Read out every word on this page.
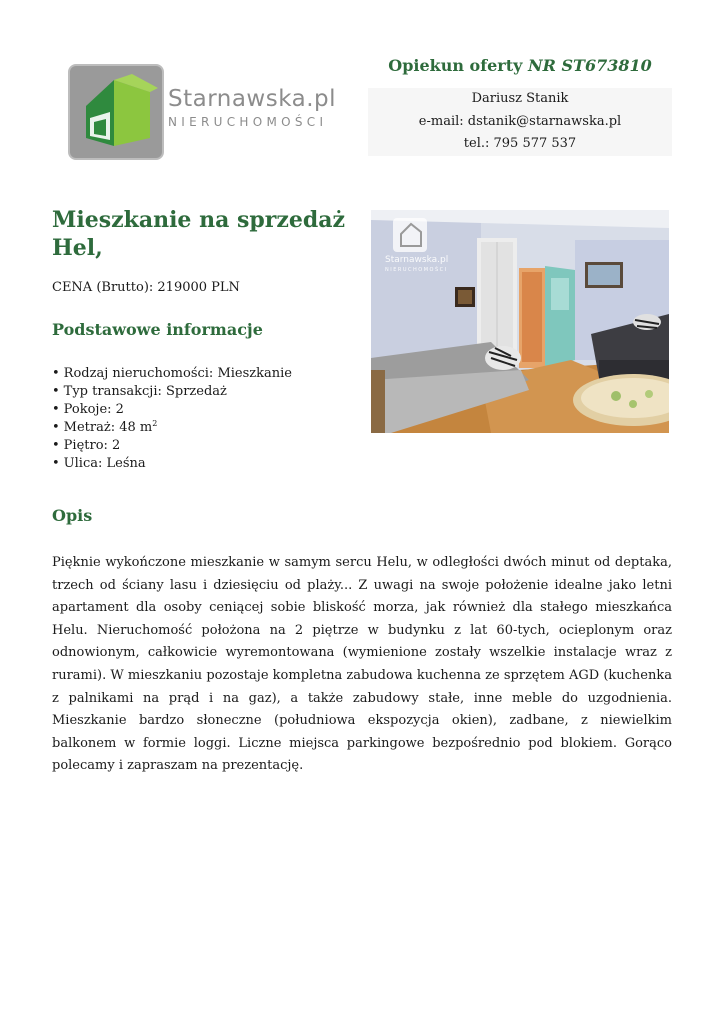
Starnawska.pl
NIERUCHOMOŚCI
Opiekun oferty NR ST673810
Dariusz Stanik
e-mail: dstanik@starnawska.pl
tel.: 795 577 537
Mieszkanie na sprzedaż Hel,
CENA (Brutto): 219000 PLN
Podstawowe informacje
• Rodzaj nieruchomości: Mieszkanie
• Typ transakcji: Sprzedaż
• Pokoje: 2
• Metraż: 48 $m^2$
• Piętro: 2
• Ulica: Leśna
Starnawska.pl
NIERUCHOMOŚCI
Opis

Pięknie wykończone mieszkanie w samym sercu Helu, w odległości dwóch minut od deptaka, trzech od ściany lasu i dziesięciu od plaży... Z uwagi na swoje położenie idealne jako letni apartament dla osoby ceniącej sobie bliskość morza, jak również dla stałego mieszkańca Helu. Nieruchomość położona na 2 piętrze w budynku z lat 60-tych, ocieplonym oraz odnowionym, całkowicie wyremontowana (wymienione zostały wszelkie instalacje wraz z rurami). W mieszkaniu pozostaje kompletna zabudowa kuchenna ze sprzętem AGD (kuchenka z palnikami na prąd i na gaz), a także zabudowy stałe, inne meble do uzgodnienia. Mieszkanie bardzo słoneczne (południowa ekspozycja okien), zadbane, z niewielkim balkonem w formie loggi. Liczne miejsca parkingowe bezpośrednio pod blokiem. Gorąco polecamy i zapraszam na prezentację.
